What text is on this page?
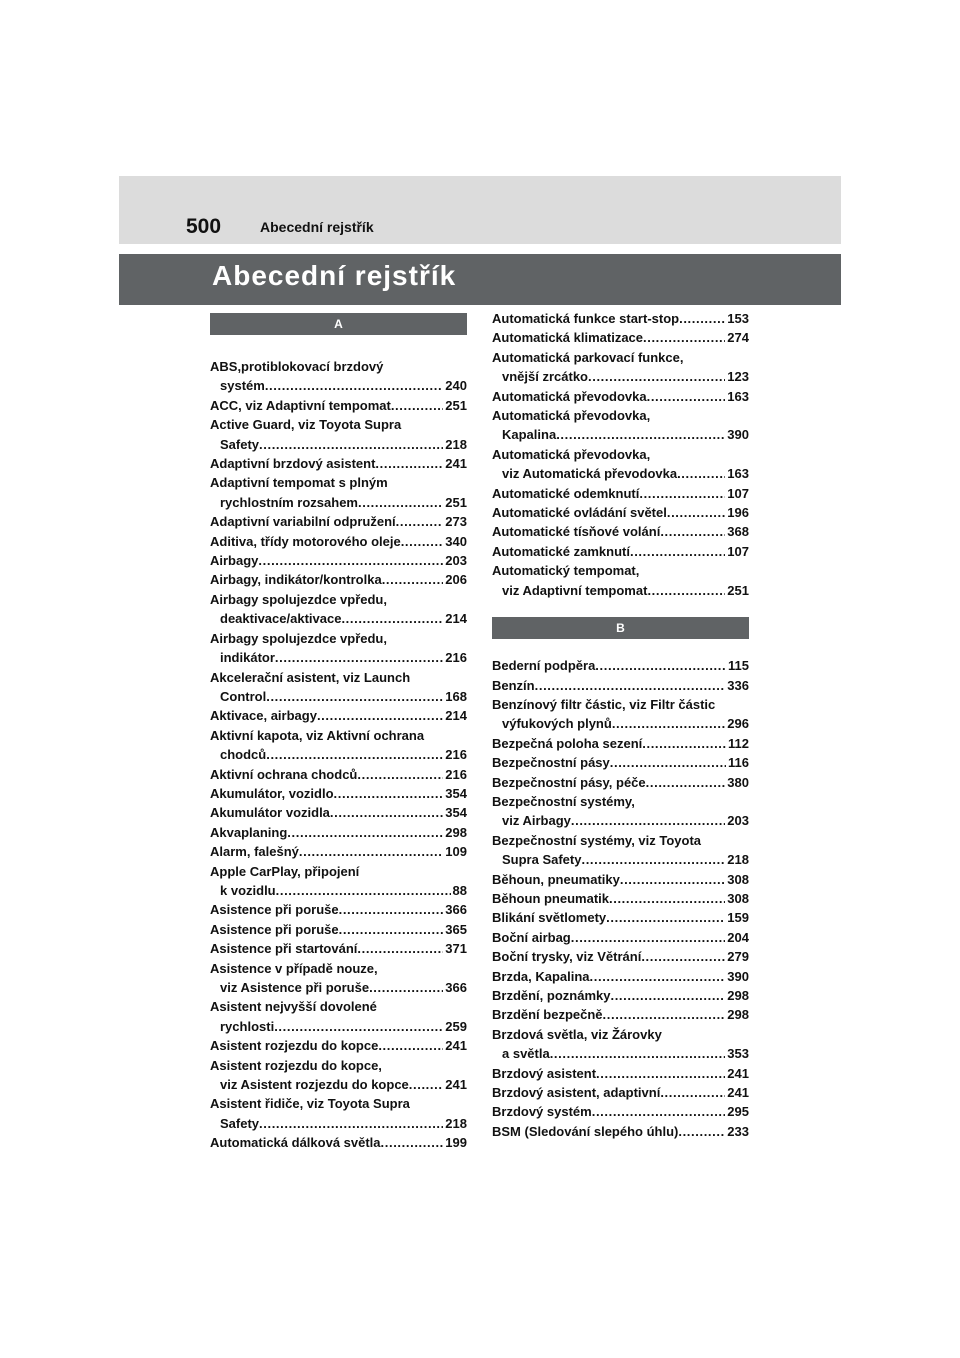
500	Abecední rejstřík
Abecední rejstřík
A
ABS,protiblokovací brzdový
systém . . .	240
ACC, viz Adaptivní tempomat . . .	251
Active Guard, viz Toyota Supra
Safety . . .	218
Adaptivní brzdový asistent . . .	241
Adaptivní tempomat s plným
rychlostním rozsahem . . .	251
Adaptivní variabilní odpružení . . .	273
Aditiva, třídy motorového oleje . . .	340
Airbagy . . .	203
Airbagy, indikátor/kontrolka . . .	206
Airbagy spolujezdce vpředu,
deaktivace/aktivace . . .	214
Airbagy spolujezdce vpředu,
indikátor . . .	216
Akcelerační asistent, viz Launch
Control . . .	168
Aktivace, airbagy . . .	214
Aktivní kapota, viz Aktivní ochrana
chodců . . .	216
Aktivní ochrana chodců . . .	216
Akumulátor, vozidlo . . .	354
Akumulátor vozidla . . .	354
Akvaplaning . . .	298
Alarm, falešný . . .	109
Apple CarPlay, připojení
k vozidlu . . .	88
Asistence při poruše . . .	366
Asistence při poruše . . .	365
Asistence při startování . . .	371
Asistence v případě nouze,
viz Asistence při poruše . . .	366
Asistent nejvyšší dovolené
rychlosti . . .	259
Asistent rozjezdu do kopce . . .	241
Asistent rozjezdu do kopce,
viz Asistent rozjezdu do kopce . . .	241
Asistent řidiče, viz Toyota Supra
Safety . . .	218
Automatická dálková světla . . .	199
Automatická funkce start-stop . . .	153
Automatická klimatizace . . .	274
Automatická parkovací funkce,
vnější zrcátko . . .	123
Automatická převodovka . . .	163
Automatická převodovka,
Kapalina . . .	390
Automatická převodovka,
viz Automatická převodovka . . .	163
Automatické odemknutí . . .	107
Automatické ovládání světel . . .	196
Automatické tísňové volání . . .	368
Automatické zamknutí . . .	107
Automatický tempomat,
viz Adaptivní tempomat . . .	251
B
Bederní podpěra . . .	115
Benzín . . .	336
Benzínový filtr částic, viz Filtr částic
výfukových plynů . . .	296
Bezpečná poloha sezení . . .	112
Bezpečnostní pásy . . .	116
Bezpečnostní pásy, péče . . .	380
Bezpečnostní systémy,
viz Airbagy . . .	203
Bezpečnostní systémy, viz Toyota
Supra Safety . . .	218
Běhoun, pneumatiky . . .	308
Běhoun pneumatik . . .	308
Blikání světlomety . . .	159
Boční airbag . . .	204
Boční trysky, viz Větrání . . .	279
Brzda, Kapalina . . .	390
Brzdění, poznámky . . .	298
Brzdění bezpečně . . .	298
Brzdová světla, viz Žárovky
a světla . . .	353
Brzdový asistent . . .	241
Brzdový asistent, adaptivní . . .	241
Brzdový systém . . .	295
BSM (Sledování slepého úhlu) . . .	233
